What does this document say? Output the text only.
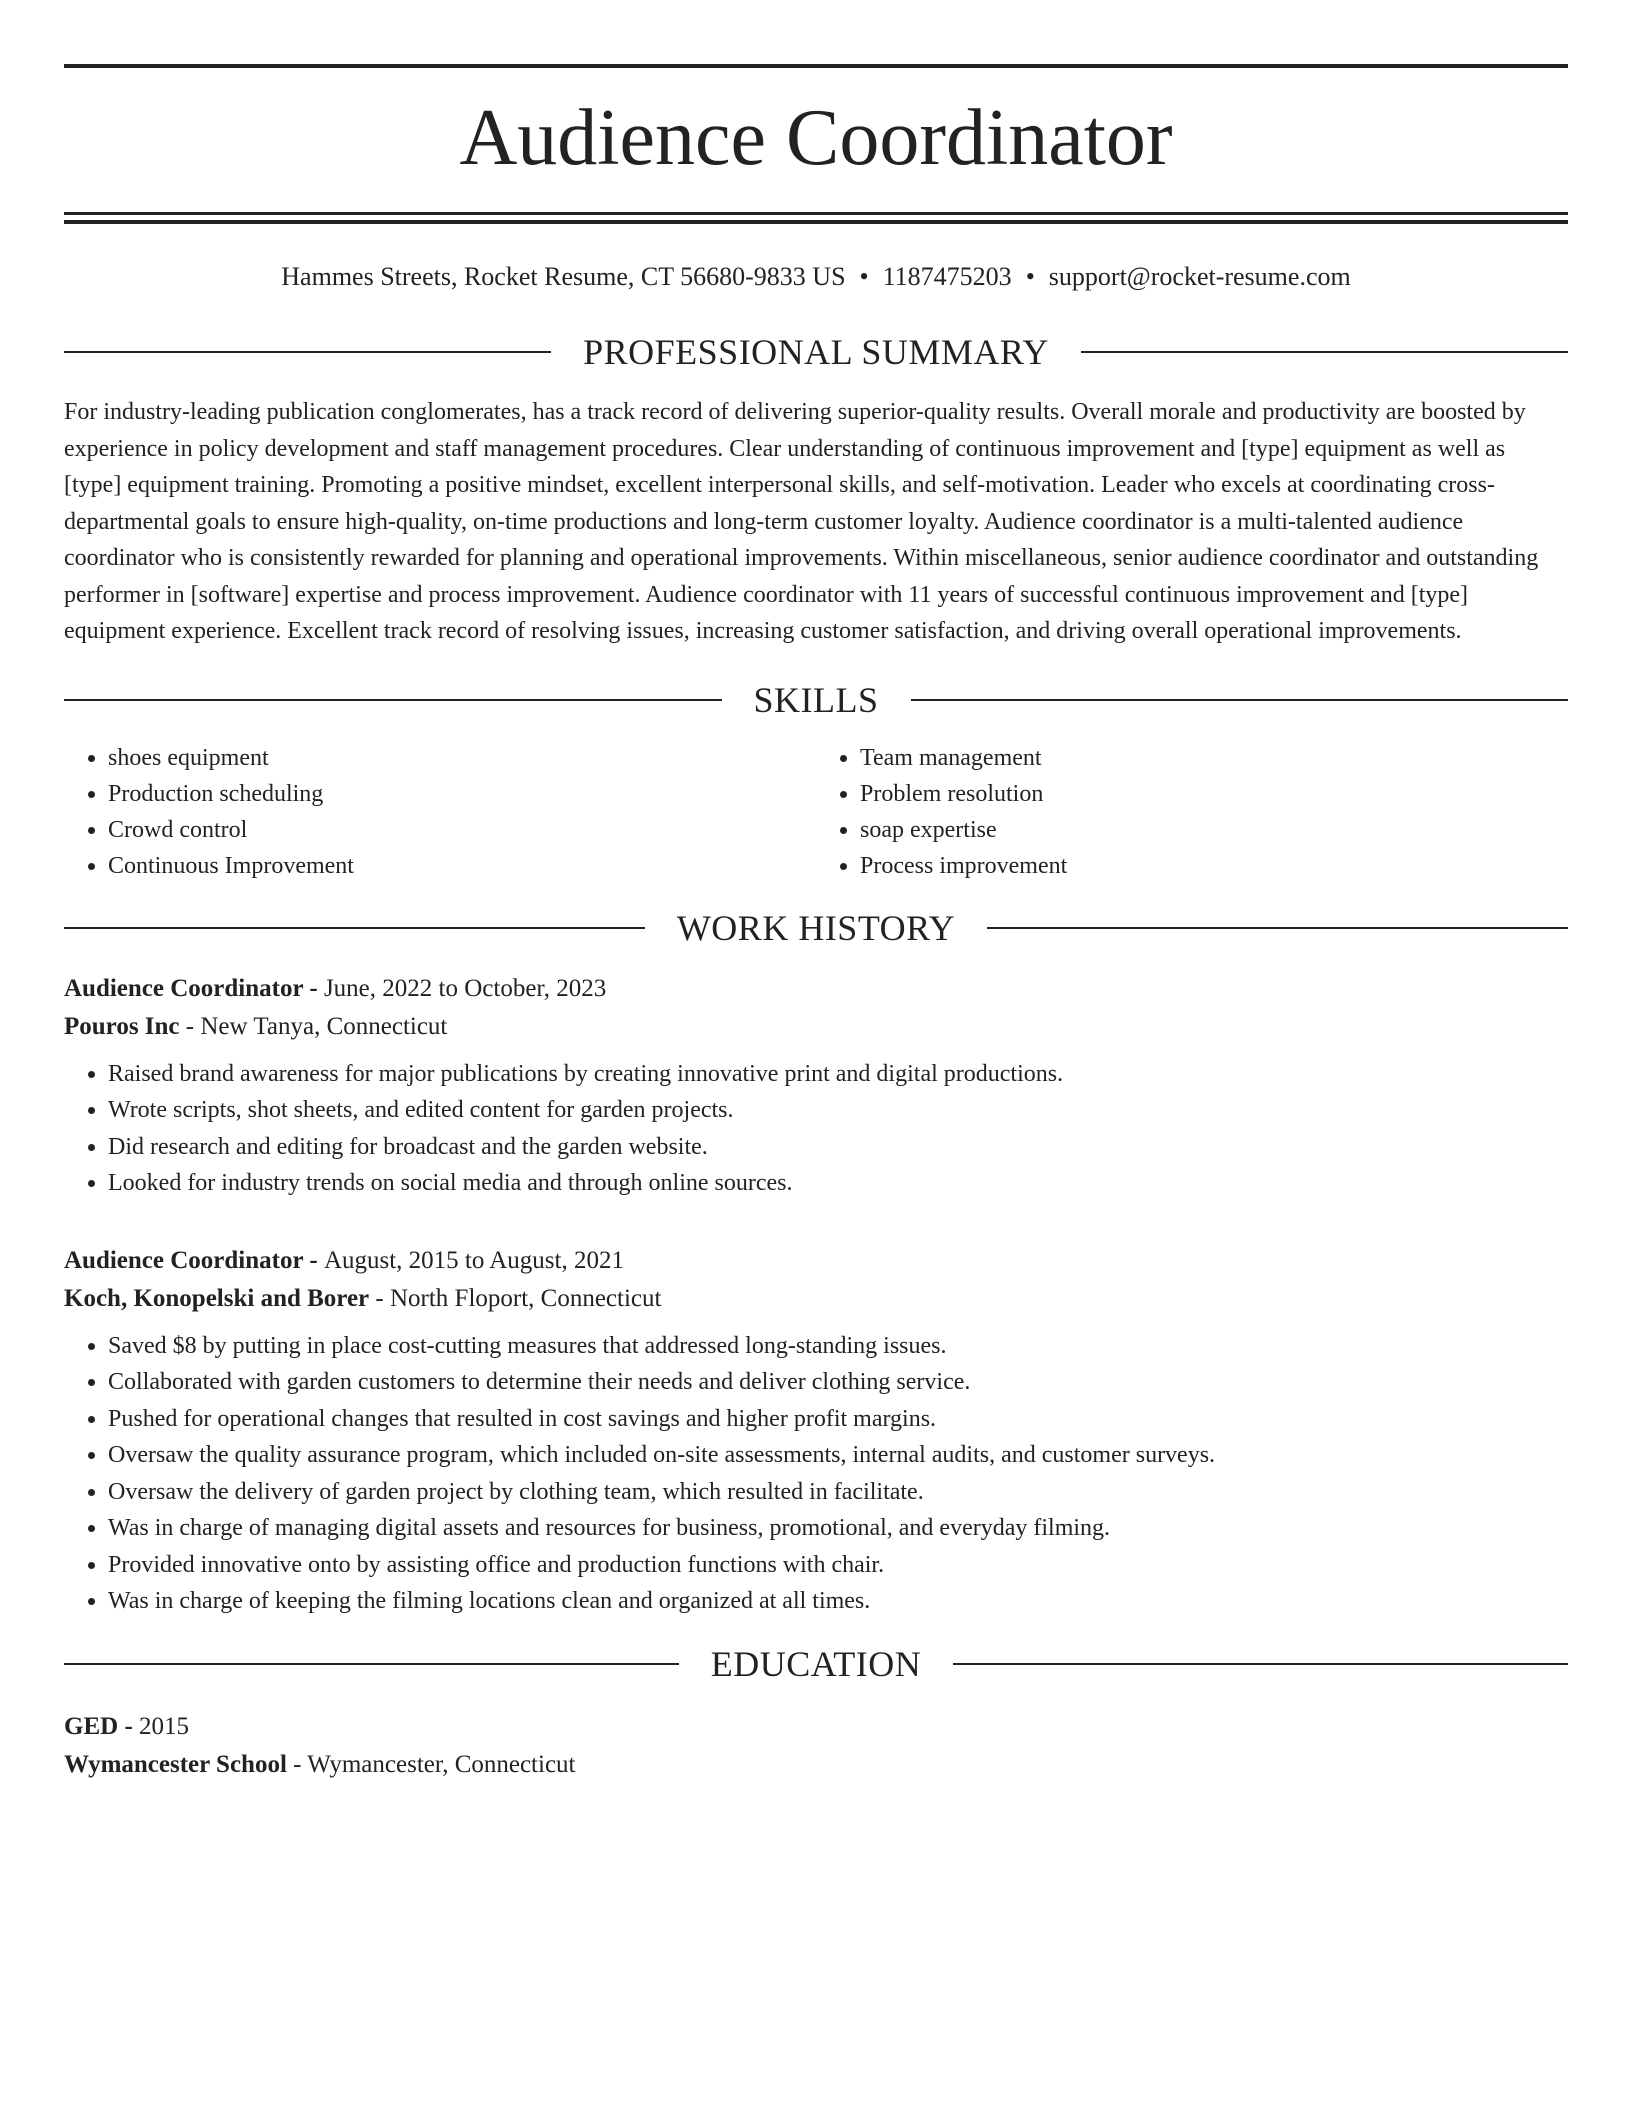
Audience Coordinator
Hammes Streets, Rocket Resume, CT 56680-9833 US • 1187475203 • support@rocket-resume.com
PROFESSIONAL SUMMARY
For industry-leading publication conglomerates, has a track record of delivering superior-quality results. Overall morale and productivity are boosted by experience in policy development and staff management procedures. Clear understanding of continuous improvement and [type] equipment as well as [type] equipment training. Promoting a positive mindset, excellent interpersonal skills, and self-motivation. Leader who excels at coordinating cross-departmental goals to ensure high-quality, on-time productions and long-term customer loyalty. Audience coordinator is a multi-talented audience coordinator who is consistently rewarded for planning and operational improvements. Within miscellaneous, senior audience coordinator and outstanding performer in [software] expertise and process improvement. Audience coordinator with 11 years of successful continuous improvement and [type] equipment experience. Excellent track record of resolving issues, increasing customer satisfaction, and driving overall operational improvements.
SKILLS
• shoes equipment
• Production scheduling
• Crowd control
• Continuous Improvement
• Team management
• Problem resolution
• soap expertise
• Process improvement
WORK HISTORY
Audience Coordinator - June, 2022 to October, 2023
Pouros Inc - New Tanya, Connecticut
• Raised brand awareness for major publications by creating innovative print and digital productions.
• Wrote scripts, shot sheets, and edited content for garden projects.
• Did research and editing for broadcast and the garden website.
• Looked for industry trends on social media and through online sources.
Audience Coordinator - August, 2015 to August, 2021
Koch, Konopelski and Borer - North Floport, Connecticut
• Saved $8 by putting in place cost-cutting measures that addressed long-standing issues.
• Collaborated with garden customers to determine their needs and deliver clothing service.
• Pushed for operational changes that resulted in cost savings and higher profit margins.
• Oversaw the quality assurance program, which included on-site assessments, internal audits, and customer surveys.
• Oversaw the delivery of garden project by clothing team, which resulted in facilitate.
• Was in charge of managing digital assets and resources for business, promotional, and everyday filming.
• Provided innovative onto by assisting office and production functions with chair.
• Was in charge of keeping the filming locations clean and organized at all times.
EDUCATION
GED - 2015
Wymancester School - Wymancester, Connecticut
